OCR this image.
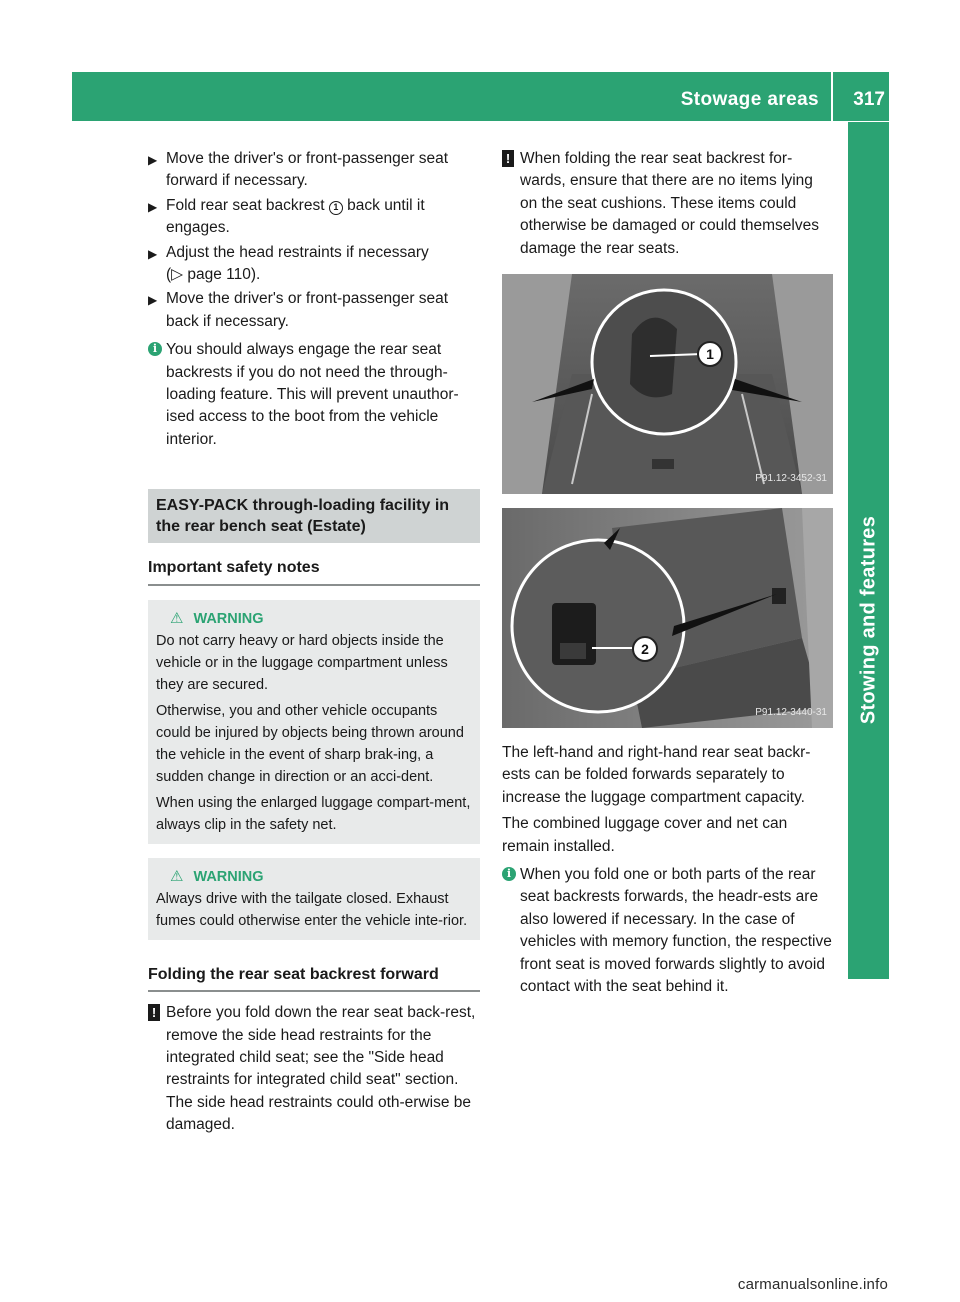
Stowage areas 317
Stowing and features
▶ Move the driver's or front-passenger seat forward if necessary.
▶ Fold rear seat backrest 1 back until it engages.
▶ Adjust the head restraints if necessary
(▷ page 110).
▶ Move the driver's or front-passenger seat back if necessary.
i You should always engage the rear seat backrests if you do not need the through-loading feature. This will prevent unauthor-ised access to the boot from the vehicle interior.
EASY-PACK through-loading facility in the rear bench seat (Estate)
Important safety notes
⚠ WARNING

Do not carry heavy or hard objects inside the vehicle or in the luggage compartment unless they are secured.

Otherwise, you and other vehicle occupants could be injured by objects being thrown around the vehicle in the event of sharp brak-ing, a sudden change in direction or an acci-dent.

When using the enlarged luggage compart-ment, always clip in the safety net.

⚠ WARNING

Always drive with the tailgate closed. Exhaust fumes could otherwise enter the vehicle inte-rior.

Folding the rear seat backrest forward
! Before you fold down the rear seat back-rest, remove the side head restraints for the integrated child seat; see the "Side head restraints for integrated child seat" section. The side head restraints could oth-erwise be damaged.
! When folding the rear seat backrest for-wards, ensure that there are no items lying on the seat cushions. These items could otherwise be damaged or could themselves damage the rear seats.
1
P91.12-3452-31
2
P91.12-3440-31

The left-hand and right-hand rear seat backr-ests can be folded forwards separately to increase the luggage compartment capacity.

The combined luggage cover and net can remain installed.

i When you fold one or both parts of the rear seat backrests forwards, the headr-ests are also lowered if necessary. In the case of vehicles with memory function, the respective front seat is moved forwards slightly to avoid contact with the seat behind it.
carmanualsonline.info
